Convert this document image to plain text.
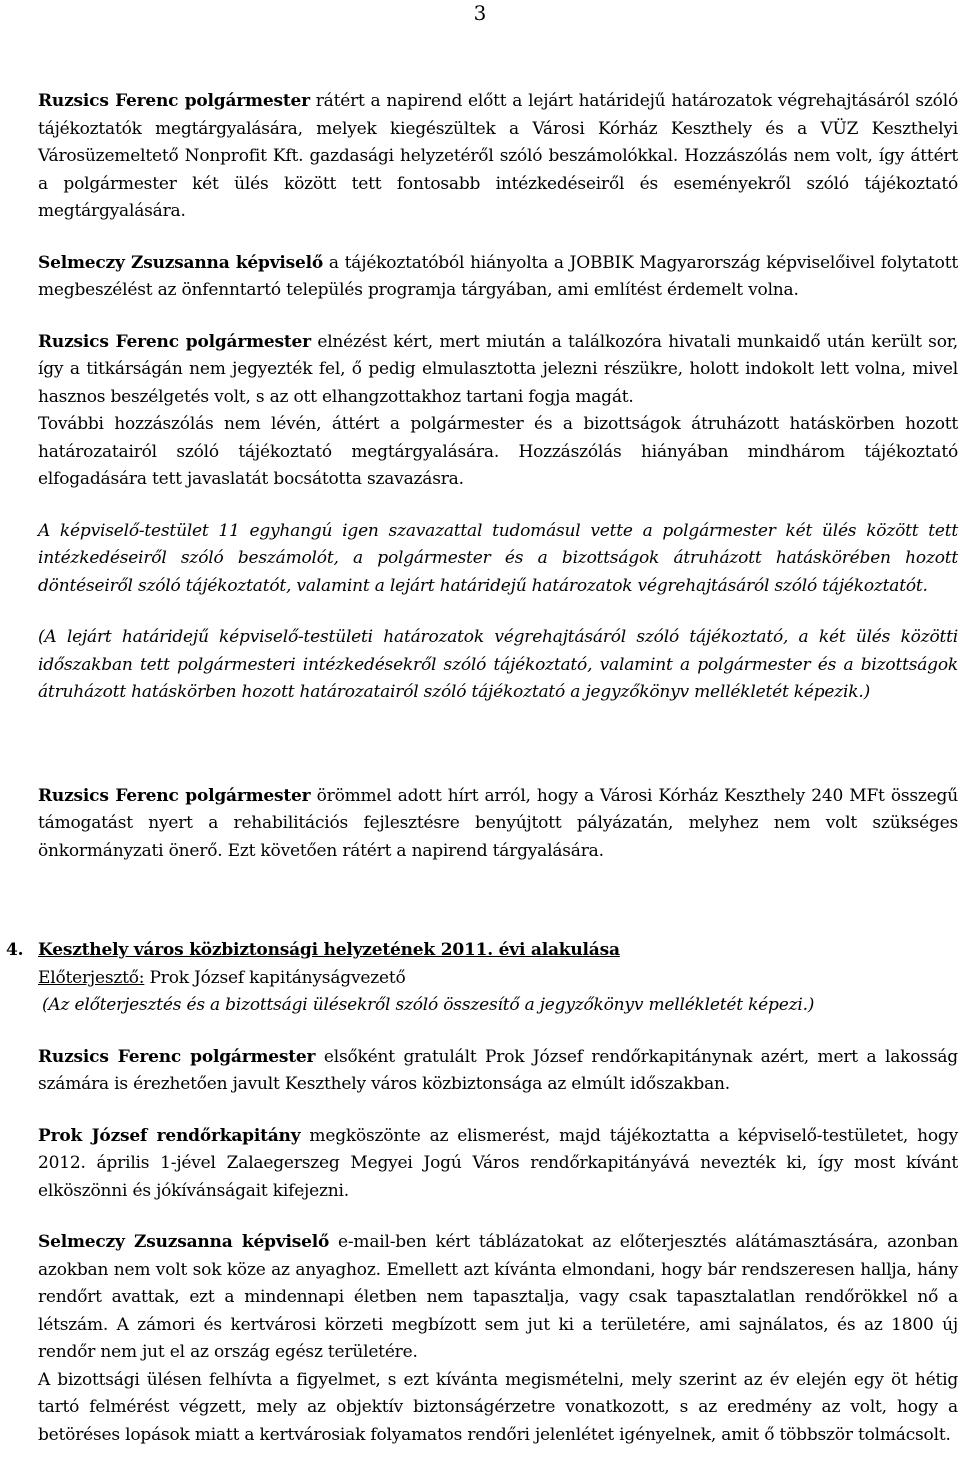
3

Ruzsics Ferenc polgármester rátért a napirend előtt a lejárt határidejű határozatok végrehajtásáról szóló tájékoztatók megtárgyalására, melyek kiegészültek a Városi Kórház Keszthely és a VÜZ Keszthelyi Városüzemeltető Nonprofit Kft. gazdasági helyzetéről szóló beszámolókkal. Hozzászólás nem volt, így áttért a polgármester két ülés között tett fontosabb intézkedéseiről és eseményekről szóló tájékoztató megtárgyalására.

Selmeczy Zsuzsanna képviselő a tájékoztatóból hiányolta a JOBBIK Magyarország képviselőivel folytatott megbeszélést az önfenntartó település programja tárgyában, ami említést érdemelt volna.

Ruzsics Ferenc polgármester elnézést kért, mert miután a találkozóra hivatali munkaidő után került sor, így a titkárságán nem jegyezték fel, ő pedig elmulasztotta jelezni részükre, holott indokolt lett volna, mivel hasznos beszélgetés volt, s az ott elhangzottakhoz tartani fogja magát.

További hozzászólás nem lévén, áttért a polgármester és a bizottságok átruházott hatáskörben hozott határozatairól szóló tájékoztató megtárgyalására. Hozzászólás hiányában mindhárom tájékoztató elfogadására tett javaslatát bocsátotta szavazásra.

A képviselő-testület 11 egyhangú igen szavazattal tudomásul vette a polgármester két ülés között tett intézkedéseiről szóló beszámolót, a polgármester és a bizottságok átruházott hatáskörében hozott döntéseiről szóló tájékoztatót, valamint a lejárt határidejű határozatok végrehajtásáról szóló tájékoztatót.

(A lejárt határidejű képviselő-testületi határozatok végrehajtásáról szóló tájékoztató, a két ülés közötti időszakban tett polgármesteri intézkedésekről szóló tájékoztató, valamint a polgármester és a bizottságok átruházott hatáskörben hozott határozatairól szóló tájékoztató a jegyzőkönyv mellékletét képezik.)

Ruzsics Ferenc polgármester örömmel adott hírt arról, hogy a Városi Kórház Keszthely 240 MFt összegű támogatást nyert a rehabilitációs fejlesztésre benyújtott pályázatán, melyhez nem volt szükséges önkormányzati önerő. Ezt követően rátért a napirend tárgyalására.

4. Keszthely város közbiztonsági helyzetének 2011. évi alakulása

Előterjesztő: Prok József kapitányságvezető

(Az előterjesztés és a bizottsági ülésekről szóló összesítő a jegyzőkönyv mellékletét képezi.)

Ruzsics Ferenc polgármester elsőként gratulált Prok József rendőrkapitánynak azért, mert a lakosság számára is érezhetően javult Keszthely város közbiztonsága az elmúlt időszakban.

Prok József rendőrkapitány megköszönte az elismerést, majd tájékoztatta a képviselő-testületet, hogy 2012. április 1-jével Zalaegerszeg Megyei Jogú Város rendőrkapitányává nevezték ki, így most kívánt elköszönni és jókívánságait kifejezni.

Selmeczy Zsuzsanna képviselő e-mail-ben kért táblázatokat az előterjesztés alátámasztására, azonban azokban nem volt sok köze az anyaghoz. Emellett azt kívánta elmondani, hogy bár rendszeresen hallja, hány rendőrt avattak, ezt a mindennapi életben nem tapasztalja, vagy csak tapasztalatlan rendőrökkel nő a létszám. A zámori és kertvárosi körzeti megbízott sem jut ki a területére, ami sajnálatos, és az 1800 új rendőr nem jut el az ország egész területére.

A bizottsági ülésen felhívta a figyelmet, s ezt kívánta megismételni, mely szerint az év elején egy öt hétig tartó felmérést végzett, mely az objektív biztonságérzetre vonatkozott, s az eredmény az volt, hogy a betöréses lopások miatt a kertvárosiak folyamatos rendőri jelenlétet igényelnek, amit ő többször tolmácsolt.
